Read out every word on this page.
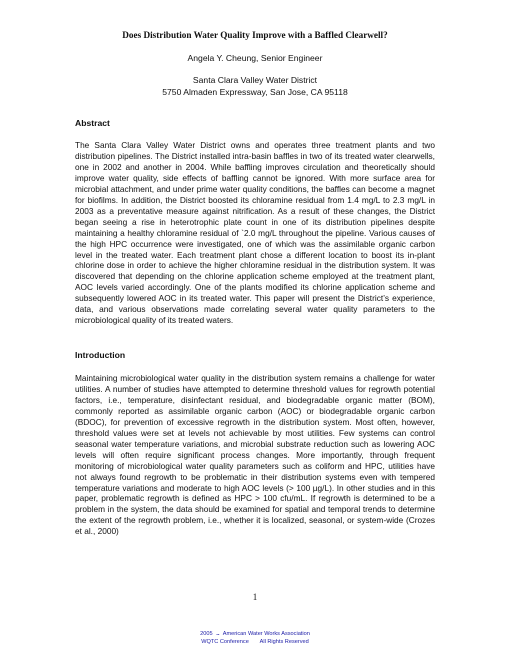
Does Distribution Water Quality Improve with a Baffled Clearwell?
Angela Y. Cheung, Senior Engineer
Santa Clara Valley Water District
5750 Almaden Expressway, San Jose, CA 95118
Abstract

The Santa Clara Valley Water District owns and operates three treatment plants and two distribution pipelines. The District installed intra-basin baffles in two of its treated water clearwells, one in 2002 and another in 2004. While baffling improves circulation and theoretically should improve water quality, side effects of baffling cannot be ignored. With more surface area for microbial attachment, and under prime water quality conditions, the baffles can become a magnet for biofilms. In addition, the District boosted its chloramine residual from 1.4 mg/L to 2.3 mg/L in 2003 as a preventative measure against nitrification. As a result of these changes, the District began seeing a rise in heterotrophic plate count in one of its distribution pipelines despite maintaining a healthy chloramine residual of `2.0 mg/L throughout the pipeline. Various causes of the high HPC occurrence were investigated, one of which was the assimilable organic carbon level in the treated water. Each treatment plant chose a different location to boost its in-plant chlorine dose in order to achieve the higher chloramine residual in the distribution system. It was discovered that depending on the chlorine application scheme employed at the treatment plant, AOC levels varied accordingly. One of the plants modified its chlorine application scheme and subsequently lowered AOC in its treated water. This paper will present the District’s experience, data, and various observations made correlating several water quality parameters to the microbiological quality of its treated waters.

Introduction

Maintaining microbiological water quality in the distribution system remains a challenge for water utilities. A number of studies have attempted to determine threshold values for regrowth potential factors, i.e., temperature, disinfectant residual, and biodegradable organic matter (BOM), commonly reported as assimilable organic carbon (AOC) or biodegradable organic carbon (BDOC), for prevention of excessive regrowth in the distribution system. Most often, however, threshold values were set at levels not achievable by most utilities. Few systems can control seasonal water temperature variations, and microbial substrate reduction such as lowering AOC levels will often require significant process changes. More importantly, through frequent monitoring of microbiological water quality parameters such as coliform and HPC, utilities have not always found regrowth to be problematic in their distribution systems even with tempered temperature variations and moderate to high AOC levels (> 100 µg/L). In other studies and in this paper, problematic regrowth is defined as HPC > 100 cfu/mL. If regrowth is determined to be a problem in the system, the data should be examined for spatial and temporal trends to determine the extent of the regrowth problem, i.e., whether it is localized, seasonal, or system-wide (Crozes et al., 2000)

1
2005 .. American Water Works Association
WQTC Conference All Rights Reserved
